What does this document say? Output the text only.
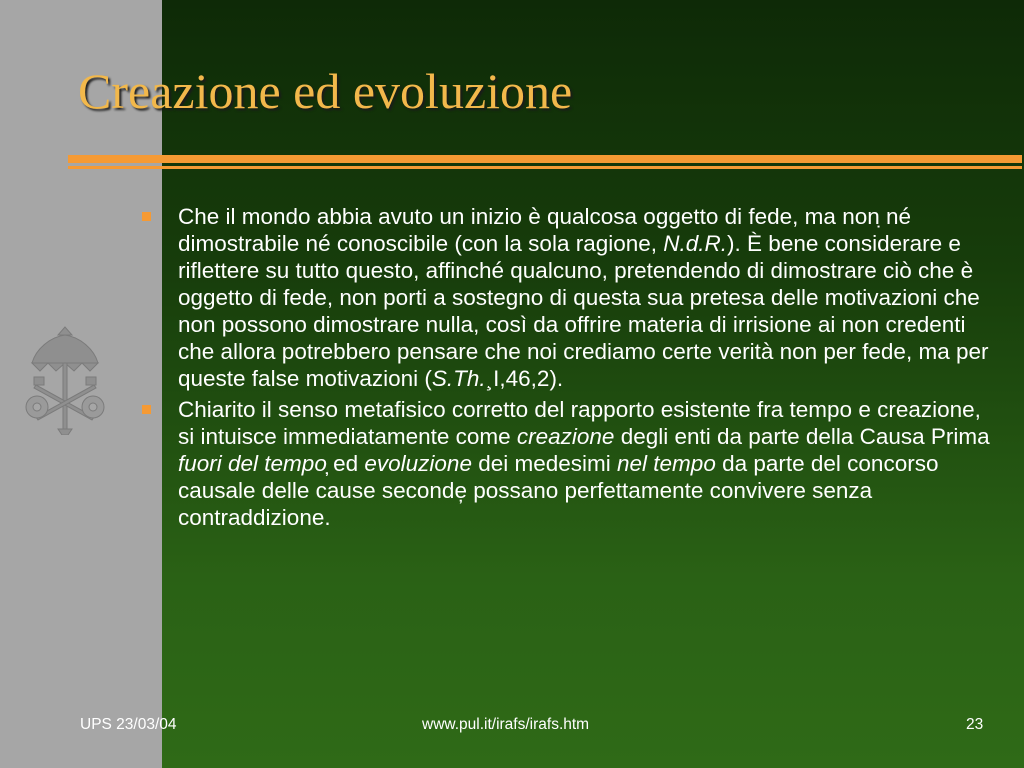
Creazione ed evoluzione

Che il mondo abbia avuto un inizio è qualcosa oggetto di fede, ma non ̣né dimostrabile né conoscibile (con la sola ragione, N.d.R.). È bene considerare e riflettere su tutto questo, affinché qualcuno, pretendendo di dimostrare ciò che è oggetto di fede, non porti a sostegno di questa sua pretesa delle motivazioni che non possono dimostrare nulla, così da offrire materia di irrisione ai non credenti che allora potrebbero pensare che noi crediamo certe verità non per fede, ma per queste false motivazioni (S.Th.¸I,46,2).

Chiarito il senso metafisico corretto del rapporto esistente fra tempo e creazione, si intuisce immediatamente come creazione degli enti da parte della Causa Prima fuori del tempo̦ ed evoluzione dei medesimi nel tempo da parte del concorso causale delle cause seconde̦ possano perfettamente convivere senza contraddizione.

UPS 23/03/04	www.pul.it/irafs/irafs.htm	23
